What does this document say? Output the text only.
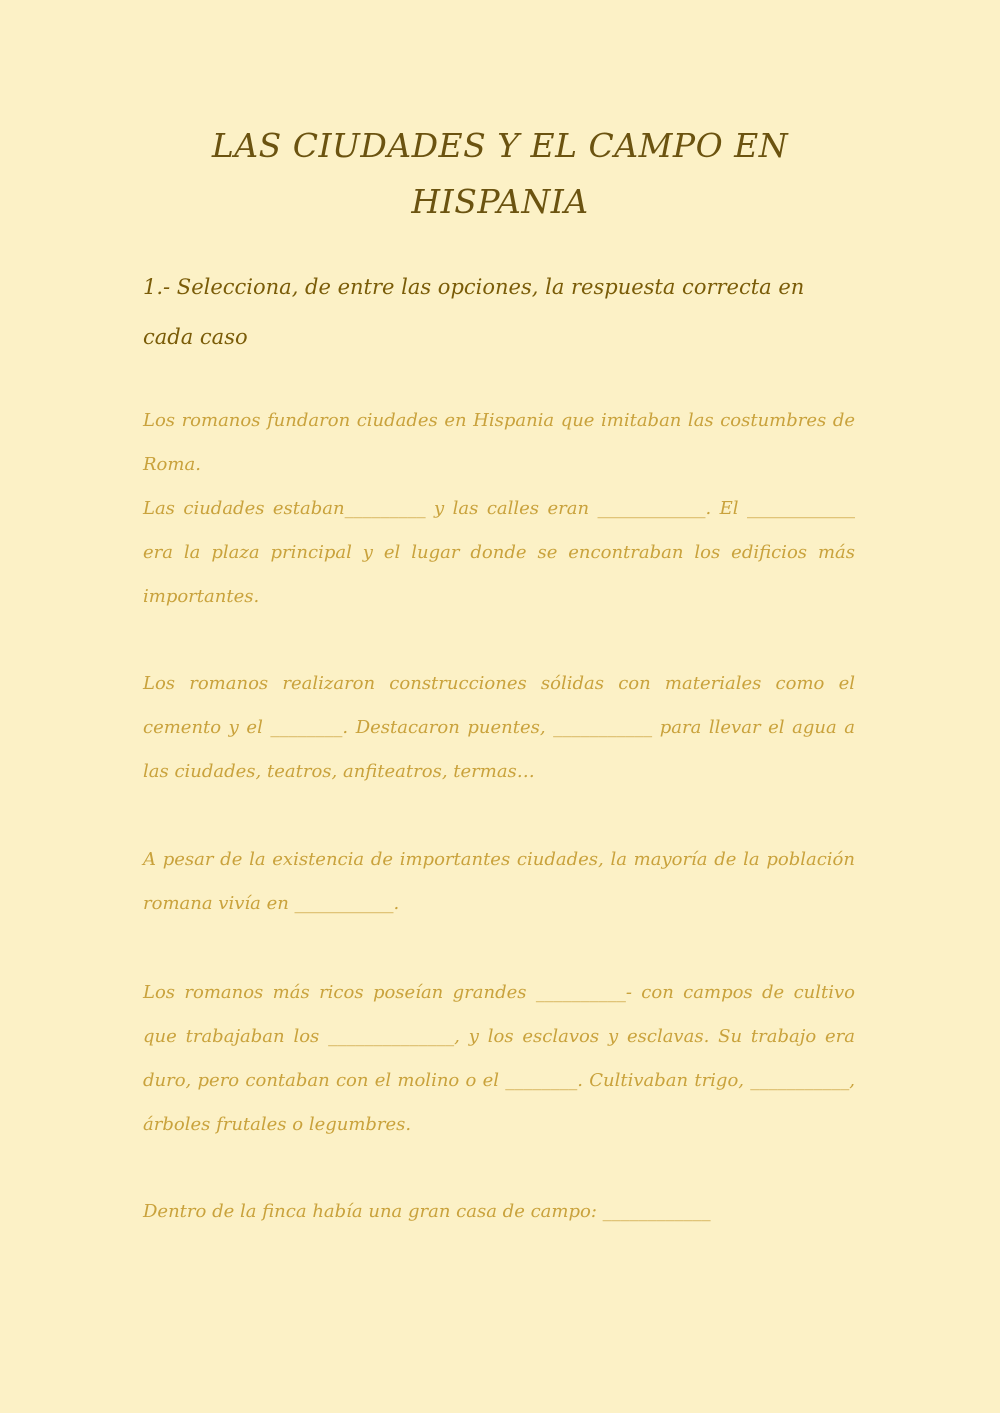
LAS CIUDADES Y EL CAMPO EN HISPANIA

1.- Selecciona, de entre las opciones, la respuesta correcta en cada caso

Los romanos fundaron ciudades en Hispania que imitaban las costumbres de Roma.
Las ciudades estaban_________ y las calles eran ____________. El ____________ era la plaza principal y el lugar donde se encontraban los edificios más importantes.
Los romanos realizaron construcciones sólidas con materiales como el cemento y el ________. Destacaron puentes, ___________ para llevar el agua a las ciudades, teatros, anfiteatros, termas…
A pesar de la existencia de importantes ciudades, la mayoría de la población romana vivía en ___________.
Los romanos más ricos poseían grandes __________- con campos de cultivo que trabajaban los ______________, y los esclavos y esclavas. Su trabajo era duro, pero contaban con el molino o el ________. Cultivaban trigo, ___________, árboles frutales o legumbres.
Dentro de la finca había una gran casa de campo: ____________
